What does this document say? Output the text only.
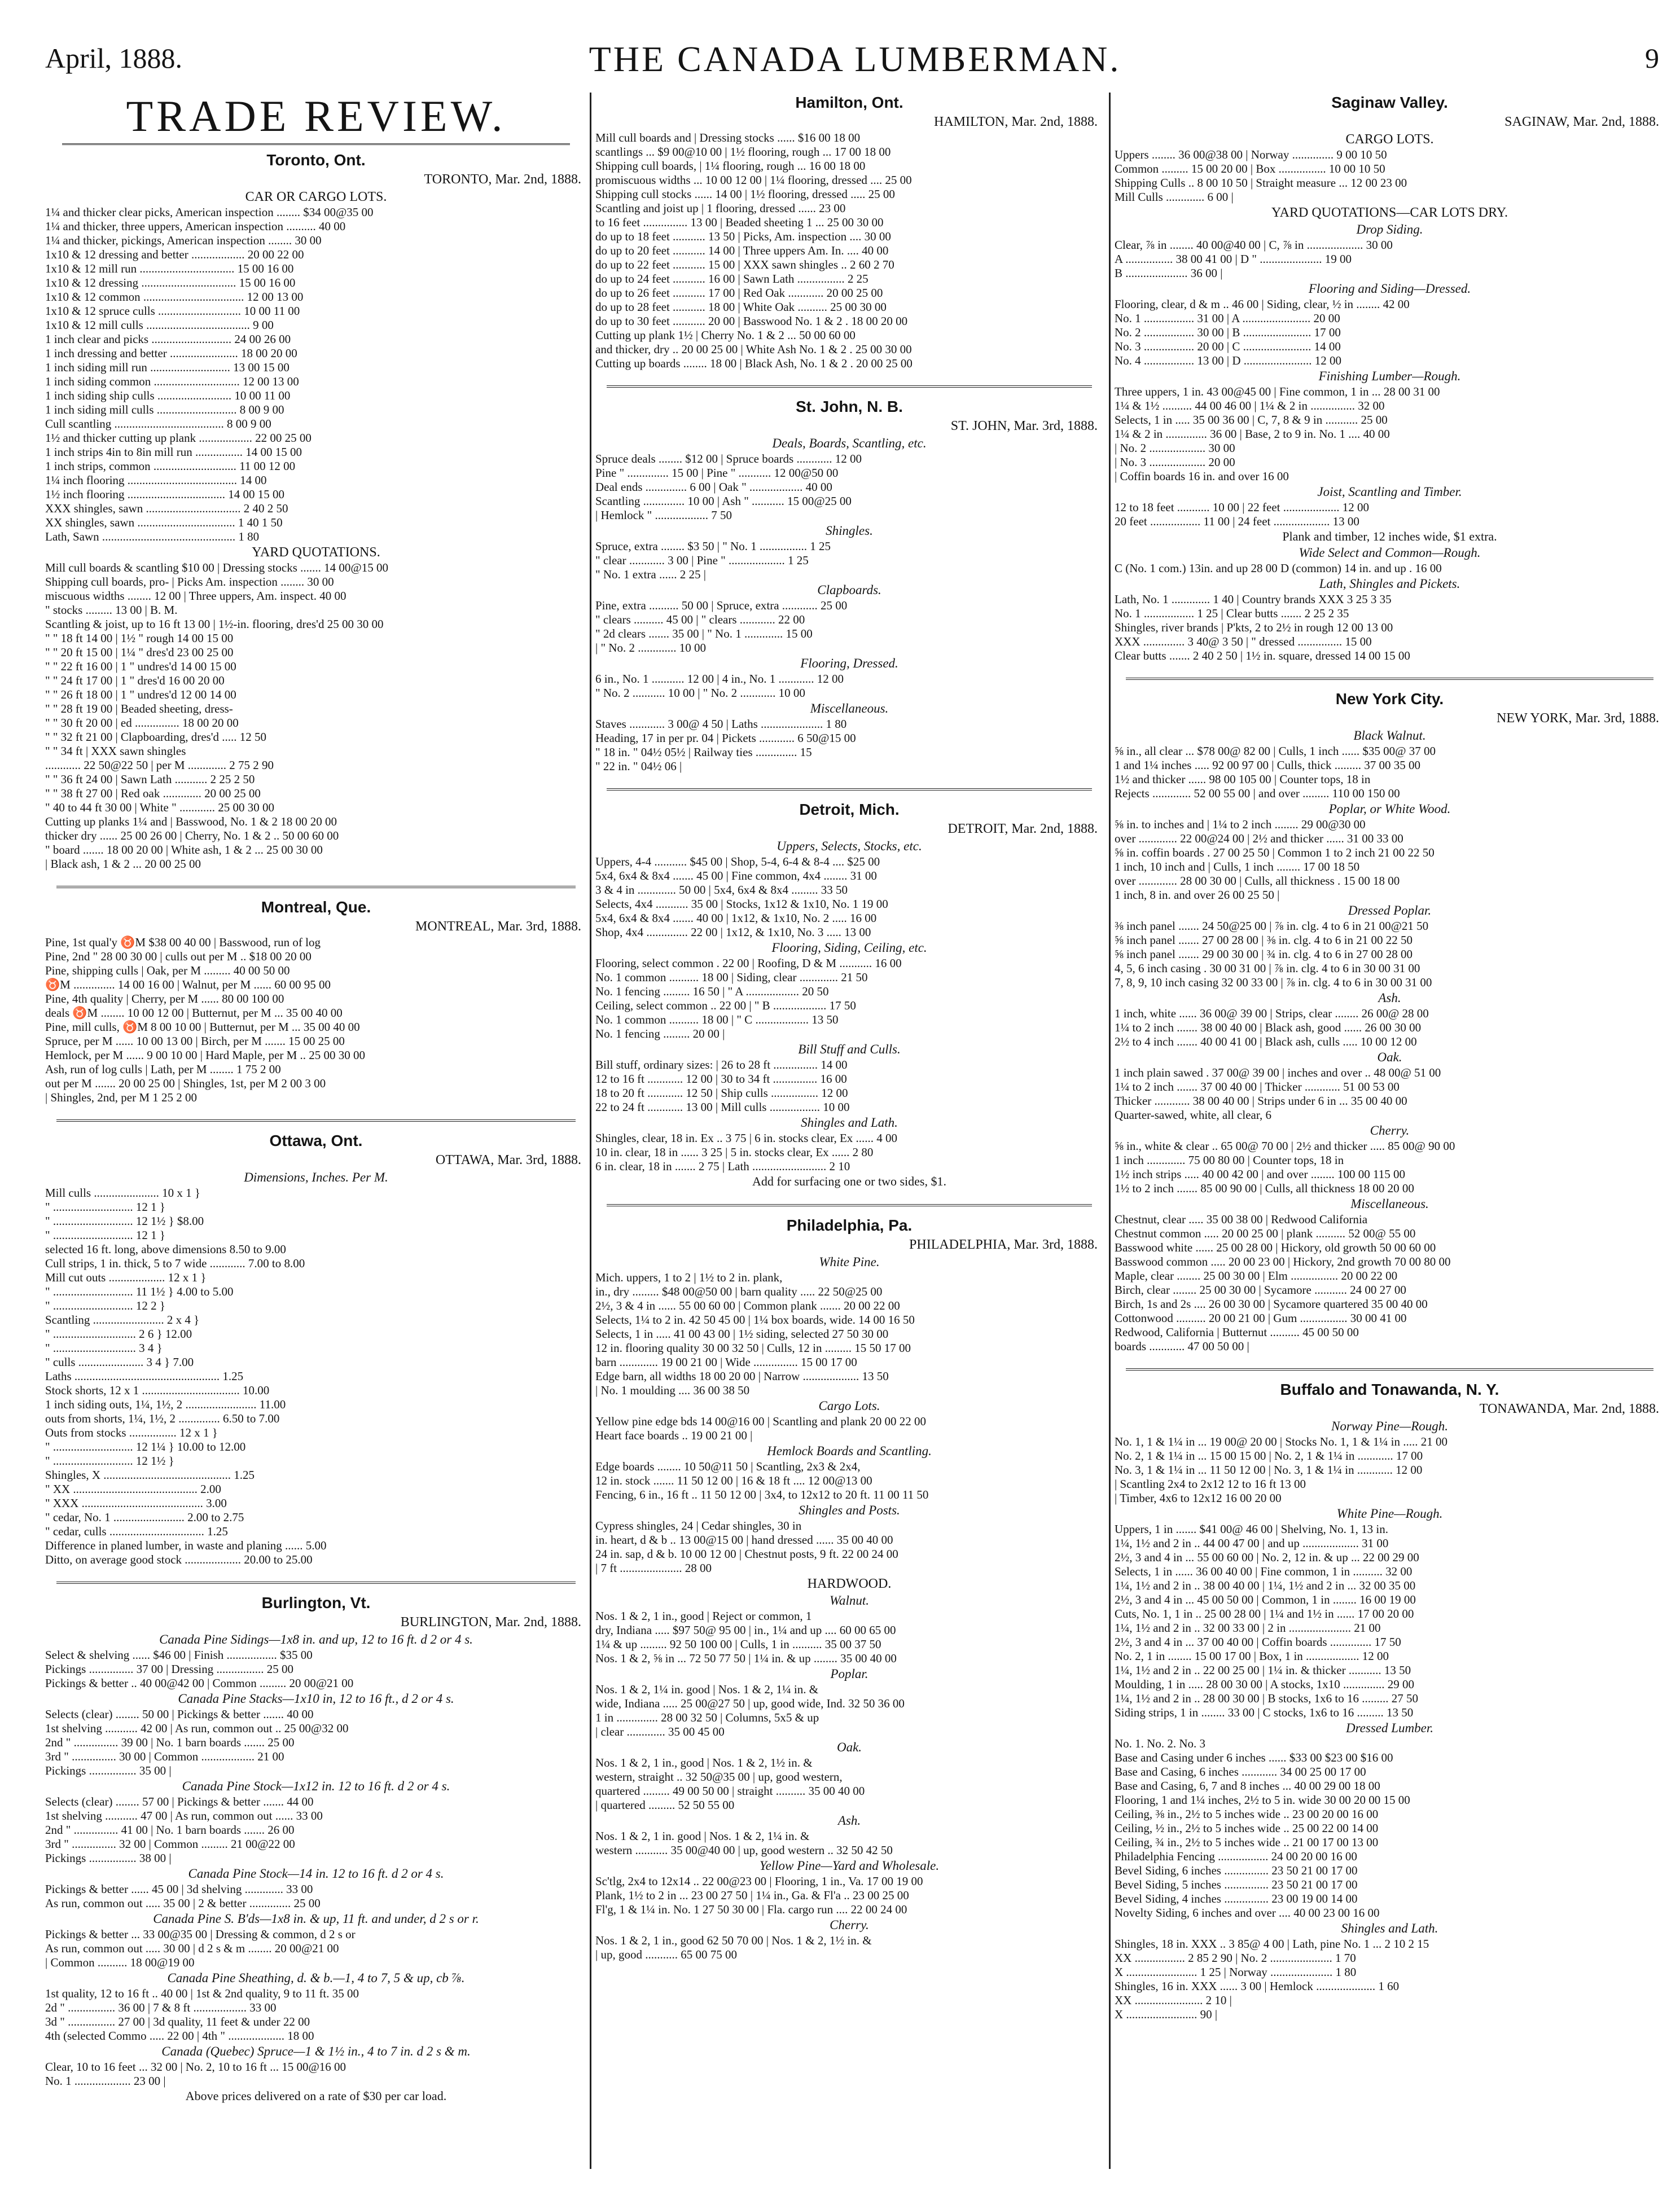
April, 1888.	THE CANADA LUMBERMAN.	9
TRADE REVIEW.
Toronto, Ont.
TORONTO, Mar. 2nd, 1888.
CAR OR CARGO LOTS.
1¼ and thicker clear picks, American inspection ........ $34 00@35 00
1¼ and thicker, three uppers, American inspection .......... 40 00
1¼ and thicker, pickings, American inspection ........ 30 00
1x10 & 12 dressing and better .................. 20 00 22 00
1x10 & 12 mill run ................................ 15 00 16 00
1x10 & 12 dressing ................................ 15 00 16 00
1x10 & 12 common .................................. 12 00 13 00
1x10 & 12 spruce culls ............................ 10 00 11 00
1x10 & 12 mill culls ................................... 9 00
1 inch clear and picks ........................... 24 00 26 00
1 inch dressing and better ....................... 18 00 20 00
1 inch siding mill run ........................... 13 00 15 00
1 inch siding common ............................. 12 00 13 00
1 inch siding ship culls ......................... 10 00 11 00
1 inch siding mill culls ........................... 8 00 9 00
Cull scantling ..................................... 8 00 9 00
1½ and thicker cutting up plank .................. 22 00 25 00
1 inch strips 4in to 8in mill run ................ 14 00 15 00
1 inch strips, common ............................ 11 00 12 00
1¼ inch flooring ..................................... 14 00
1½ inch flooring ................................. 14 00 15 00
XXX shingles, sawn ................................ 2 40 2 50
XX shingles, sawn ................................. 1 40 1 50
Lath, Sawn ............................................. 1 80
YARD QUOTATIONS.
Mill cull boards & scantling $10 00 | Dressing stocks ....... 14 00@15 00
Shipping cull boards, pro- | Picks Am. inspection ........ 30 00
miscuous widths ........ 12 00 | Three uppers, Am. inspect. 40 00
" stocks ......... 13 00 | B. M.
Scantling & joist, up to 16 ft 13 00 | 1½-in. flooring, dres'd 25 00 30 00
" " 18 ft 14 00 | 1½ " rough 14 00 15 00
" " 20 ft 15 00 | 1¼ " dres'd 23 00 25 00
" " 22 ft 16 00 | 1 " undres'd 14 00 15 00
" " 24 ft 17 00 | 1 " dres'd 16 00 20 00
" " 26 ft 18 00 | 1 " undres'd 12 00 14 00
" " 28 ft 19 00 | Beaded sheeting, dress-
" " 30 ft 20 00 | ed ............... 18 00 20 00
" " 32 ft 21 00 | Clapboarding, dres'd ..... 12 50
" " 34 ft | XXX sawn shingles
............ 22 50@22 50 | per M ............. 2 75 2 90
" " 36 ft 24 00 | Sawn Lath ........... 2 25 2 50
" " 38 ft 27 00 | Red oak ............. 20 00 25 00
" 40 to 44 ft 30 00 | White " ............ 25 00 30 00
Cutting up planks 1¼ and | Basswood, No. 1 & 2 18 00 20 00
thicker dry ...... 25 00 26 00 | Cherry, No. 1 & 2 .. 50 00 60 00
" board ....... 18 00 20 00 | White ash, 1 & 2 ... 25 00 30 00
| Black ash, 1 & 2 ... 20 00 25 00
Montreal, Que.
MONTREAL, Mar. 3rd, 1888.
Pine, 1st qual'y ♉M $38 00 40 00 | Basswood, run of log
Pine, 2nd " 28 00 30 00 | culls out per M .. $18 00 20 00
Pine, shipping culls | Oak, per M ......... 40 00 50 00
♉M .............. 14 00 16 00 | Walnut, per M ...... 60 00 95 00
Pine, 4th quality | Cherry, per M ...... 80 00 100 00
deals ♉M ........ 10 00 12 00 | Butternut, per M ... 35 00 40 00
Pine, mill culls, ♉M 8 00 10 00 | Butternut, per M ... 35 00 40 00
Spruce, per M ...... 10 00 13 00 | Birch, per M ....... 15 00 25 00
Hemlock, per M ...... 9 00 10 00 | Hard Maple, per M .. 25 00 30 00
Ash, run of log culls | Lath, per M ........ 1 75 2 00
out per M ....... 20 00 25 00 | Shingles, 1st, per M 2 00 3 00
| Shingles, 2nd, per M 1 25 2 00
Ottawa, Ont.
OTTAWA, Mar. 3rd, 1888.
Dimensions, Inches. Per M.
Mill culls ...................... 10 x 1 }
" ........................... 12 1 }
" ........................... 12 1½ } $8.00
" ........................... 12 1 }
selected 16 ft. long, above dimensions 8.50 to 9.00
Cull strips, 1 in. thick, 5 to 7 wide ............ 7.00 to 8.00
Mill cut outs ................... 12 x 1 }
" ........................... 11 1½ } 4.00 to 5.00
" ........................... 12 2 }
Scantling ........................ 2 x 4 }
" ............................ 2 6 } 12.00
" ............................ 3 4 }
" culls ...................... 3 4 } 7.00
Laths ................................................. 1.25
Stock shorts, 12 x 1 ................................. 10.00
1 inch siding outs, 1¼, 1½, 2 ........................ 11.00
outs from shorts, 1¼, 1½, 2 .............. 6.50 to 7.00
Outs from stocks ................ 12 x 1 }
" ........................... 12 1¼ } 10.00 to 12.00
" ........................... 12 1½ }
Shingles, X ........................................... 1.25
" XX .......................................... 2.00
" XXX ......................................... 3.00
" cedar, No. 1 ........................ 2.00 to 2.75
" cedar, culls ................................ 1.25
Difference in planed lumber, in waste and planing ...... 5.00
Ditto, on average good stock ................... 20.00 to 25.00
Burlington, Vt.
BURLINGTON, Mar. 2nd, 1888.
Canada Pine Sidings—1x8 in. and up, 12 to 16 ft. d 2 or 4 s.
Select & shelving ...... $46 00 | Finish ................. $35 00
Pickings ............... 37 00 | Dressing ................ 25 00
Pickings & better .. 40 00@42 00 | Common ......... 20 00@21 00
Canada Pine Stacks—1x10 in, 12 to 16 ft., d 2 or 4 s.
Selects (clear) ........ 50 00 | Pickings & better ....... 40 00
1st shelving ........... 42 00 | As run, common out .. 25 00@32 00
2nd " ............... 39 00 | No. 1 barn boards ....... 25 00
3rd " ............... 30 00 | Common .................. 21 00
Pickings ................ 35 00 |
Canada Pine Stock—1x12 in. 12 to 16 ft. d 2 or 4 s.
Selects (clear) ........ 57 00 | Pickings & better ....... 44 00
1st shelving ........... 47 00 | As run, common out ...... 33 00
2nd " ............... 41 00 | No. 1 barn boards ....... 26 00
3rd " ............... 32 00 | Common ......... 21 00@22 00
Pickings ................ 38 00 |
Canada Pine Stock—14 in. 12 to 16 ft. d 2 or 4 s.
Pickings & better ...... 45 00 | 3d shelving ............. 33 00
As run, common out ..... 35 00 | 2 & better .............. 25 00
Canada Pine S. B'ds—1x8 in. & up, 11 ft. and under, d 2 s or r.
Pickings & better ... 33 00@35 00 | Dressing & common, d 2 s or
As run, common out ..... 30 00 | d 2 s & m ........ 20 00@21 00
| Common .......... 18 00@19 00
Canada Pine Sheathing, d. & b.—1, 4 to 7, 5 & up, cb ⅞.
1st quality, 12 to 16 ft .. 40 00 | 1st & 2nd quality, 9 to 11 ft. 35 00
2d " ................ 36 00 | 7 & 8 ft .................. 33 00
3d " ................ 27 00 | 3d quality, 11 feet & under 22 00
4th (selected Commo ..... 22 00 | 4th " ................... 18 00
Canada (Quebec) Spruce—1 & 1½ in., 4 to 7 in. d 2 s & m.
Clear, 10 to 16 feet ... 32 00 | No. 2, 10 to 16 ft ... 15 00@16 00
No. 1 ................... 23 00 |
Above prices delivered on a rate of $30 per car load.
Hamilton, Ont.
HAMILTON, Mar. 2nd, 1888.
Mill cull boards and | Dressing stocks ...... $16 00 18 00
scantlings ... $9 00@10 00 | 1½ flooring, rough ... 17 00 18 00
Shipping cull boards, | 1¼ flooring, rough ... 16 00 18 00
promiscuous widths ... 10 00 12 00 | 1¼ flooring, dressed .... 25 00
Shipping cull stocks ...... 14 00 | 1½ flooring, dressed ..... 25 00
Scantling and joist up | 1 flooring, dressed ...... 23 00
to 16 feet ............... 13 00 | Beaded sheeting 1 ... 25 00 30 00
do up to 18 feet ........... 13 50 | Picks, Am. inspection .... 30 00
do up to 20 feet ........... 14 00 | Three uppers Am. In. .... 40 00
do up to 22 feet ........... 15 00 | XXX sawn shingles .. 2 60 2 70
do up to 24 feet ........... 16 00 | Sawn Lath ................ 2 25
do up to 26 feet ........... 17 00 | Red Oak ............ 20 00 25 00
do up to 28 feet ........... 18 00 | White Oak .......... 25 00 30 00
do up to 30 feet ........... 20 00 | Basswood No. 1 & 2 . 18 00 20 00
Cutting up plank 1½ | Cherry No. 1 & 2 ... 50 00 60 00
and thicker, dry .. 20 00 25 00 | White Ash No. 1 & 2 . 25 00 30 00
Cutting up boards ........ 18 00 | Black Ash, No. 1 & 2 . 20 00 25 00
St. John, N. B.
ST. JOHN, Mar. 3rd, 1888.
Deals, Boards, Scantling, etc.
Spruce deals ........ $12 00 | Spruce boards ............ 12 00
Pine " .............. 15 00 | Pine " ........... 12 00@50 00
Deal ends .............. 6 00 | Oak " .................. 40 00
Scantling .............. 10 00 | Ash " ........... 15 00@25 00
| Hemlock " .................. 7 50
Shingles.
Spruce, extra ........ $3 50 | " No. 1 ................ 1 25
" clear ............ 3 00 | Pine " ................... 1 25
" No. 1 extra ...... 2 25 |
Clapboards.
Pine, extra .......... 50 00 | Spruce, extra ............ 25 00
" clears .......... 45 00 | " clears ............ 22 00
" 2d clears ....... 35 00 | " No. 1 ............. 15 00
| " No. 2 ............. 10 00
Flooring, Dressed.
6 in., No. 1 ........... 12 00 | 4 in., No. 1 ............ 12 00
" No. 2 ........... 10 00 | " No. 2 ............ 10 00
Miscellaneous.
Staves ............ 3 00@ 4 50 | Laths ..................... 1 80
Heading, 17 in per pr. 04 | Pickets ............ 6 50@15 00
" 18 in. " 04½ 05½ | Railway ties .............. 15
" 22 in. " 04½ 06 |
Detroit, Mich.
DETROIT, Mar. 2nd, 1888.
Uppers, Selects, Stocks, etc.
Uppers, 4-4 ........... $45 00 | Shop, 5-4, 6-4 & 8-4 .... $25 00
5x4, 6x4 & 8x4 ....... 45 00 | Fine common, 4x4 ........ 31 00
3 & 4 in ............. 50 00 | 5x4, 6x4 & 8x4 ......... 33 50
Selects, 4x4 ........... 35 00 | Stocks, 1x12 & 1x10, No. 1 19 00
5x4, 6x4 & 8x4 ....... 40 00 | 1x12, & 1x10, No. 2 ..... 16 00
Shop, 4x4 .............. 22 00 | 1x12, & 1x10, No. 3 ..... 13 00
Flooring, Siding, Ceiling, etc.
Flooring, select common . 22 00 | Roofing, D & M ........... 16 00
No. 1 common .......... 18 00 | Siding, clear ............. 21 50
No. 1 fencing ......... 16 50 | " A .................. 20 50
Ceiling, select common .. 22 00 | " B .................. 17 50
No. 1 common .......... 18 00 | " C .................. 13 50
No. 1 fencing ......... 20 00 |
Bill Stuff and Culls.
Bill stuff, ordinary sizes: | 26 to 28 ft ............... 14 00
12 to 16 ft ............ 12 00 | 30 to 34 ft ............... 16 00
18 to 20 ft ............ 12 50 | Ship culls ................ 12 00
22 to 24 ft ............ 13 00 | Mill culls ................. 10 00
Shingles and Lath.
Shingles, clear, 18 in. Ex .. 3 75 | 6 in. stocks clear, Ex ...... 4 00
10 in. clear, 18 in ...... 3 25 | 5 in. stocks clear, Ex ...... 2 80
6 in. clear, 18 in ....... 2 75 | Lath ......................... 2 10
Add for surfacing one or two sides, $1.
Philadelphia, Pa.
PHILADELPHIA, Mar. 3rd, 1888.
White Pine.
Mich. uppers, 1 to 2 | 1½ to 2 in. plank,
in., dry ......... $48 00@50 00 | barn quality ..... 22 50@25 00
2½, 3 & 4 in ...... 55 00 60 00 | Common plank ....... 20 00 22 00
Selects, 1¼ to 2 in. 42 50 45 00 | 1¼ box boards, wide. 14 00 16 50
Selects, 1 in ..... 41 00 43 00 | 1½ siding, selected 27 50 30 00
12 in. flooring quality 30 00 32 50 | Culls, 12 in ......... 15 50 17 00
barn ............. 19 00 21 00 | Wide ............... 15 00 17 00
Edge barn, all widths 18 00 20 00 | Narrow ................... 13 50
| No. 1 moulding .... 36 00 38 50
Cargo Lots.
Yellow pine edge bds 14 00@16 00 | Scantling and plank 20 00 22 00
Heart face boards .. 19 00 21 00 |
Hemlock Boards and Scantling.
Edge boards ........ 10 50@11 50 | Scantling, 2x3 & 2x4,
12 in. stock ....... 11 50 12 00 | 16 & 18 ft .... 12 00@13 00
Fencing, 6 in., 16 ft .. 11 50 12 00 | 3x4, to 12x12 to 20 ft. 11 00 11 50
Shingles and Posts.
Cypress shingles, 24 | Cedar shingles, 30 in
in. heart, d & b .. 13 00@15 00 | hand dressed ...... 35 00 40 00
24 in. sap, d & b. 10 00 12 00 | Chestnut posts, 9 ft. 22 00 24 00
| 7 ft ..................... 28 00
HARDWOOD.
Walnut.
Nos. 1 & 2, 1 in., good | Reject or common, 1
dry, Indiana ..... $97 50@ 95 00 | in., 1¼ and up .... 60 00 65 00
1¼ & up ......... 92 50 100 00 | Culls, 1 in .......... 35 00 37 50
Nos. 1 & 2, ⅝ in ... 72 50 77 50 | 1¼ in. & up ........ 35 00 40 00
Poplar.
Nos. 1 & 2, 1¼ in. good | Nos. 1 & 2, 1¼ in. &
wide, Indiana ..... 25 00@27 50 | up, good wide, Ind. 32 50 36 00
1 in .............. 28 00 32 50 | Columns, 5x5 & up
| clear ............. 35 00 45 00
Oak.
Nos. 1 & 2, 1 in., good | Nos. 1 & 2, 1½ in. &
western, straight .. 32 50@35 00 | up, good western,
quartered ......... 49 00 50 00 | straight .......... 35 00 40 00
| quartered ......... 52 50 55 00
Ash.
Nos. 1 & 2, 1 in. good | Nos. 1 & 2, 1¼ in. &
western ........... 35 00@40 00 | up, good western .. 32 50 42 50
Yellow Pine—Yard and Wholesale.
Sc'tlg, 2x4 to 12x14 .. 22 00@23 00 | Flooring, 1 in., Va. 17 00 19 00
Plank, 1½ to 2 in ... 23 00 27 50 | 1¼ in., Ga. & Fl'a .. 23 00 25 00
Fl'g, 1 & 1¼ in. No. 1 27 50 30 00 | Fla. cargo run .... 22 00 24 00
Cherry.
Nos. 1 & 2, 1 in., good 62 50 70 00 | Nos. 1 & 2, 1½ in. &
| up, good ........... 65 00 75 00
Saginaw Valley.
SAGINAW, Mar. 2nd, 1888.
CARGO LOTS.
Uppers ........ 36 00@38 00 | Norway .............. 9 00 10 50
Common ......... 15 00 20 00 | Box ................ 10 00 10 50
Shipping Culls .. 8 00 10 50 | Straight measure ... 12 00 23 00
Mill Culls ............. 6 00 |
YARD QUOTATIONS—CAR LOTS DRY.
Drop Siding.
Clear, ⅞ in ........ 40 00@40 00 | C, ⅞ in ................... 30 00
A ................ 38 00 41 00 | D " ..................... 19 00
B ..................... 36 00 |
Flooring and Siding—Dressed.
Flooring, clear, d & m .. 46 00 | Siding, clear, ½ in ........ 42 00
No. 1 ................. 31 00 | A ....................... 20 00
No. 2 ................. 30 00 | B ....................... 17 00
No. 3 ................. 20 00 | C ....................... 14 00
No. 4 ................. 13 00 | D ....................... 12 00
Finishing Lumber—Rough.
Three uppers, 1 in. 43 00@45 00 | Fine common, 1 in ... 28 00 31 00
1¼ & 1½ .......... 44 00 46 00 | 1¼ & 2 in ............... 32 00
Selects, 1 in ..... 35 00 36 00 | C, 7, 8 & 9 in ........... 25 00
1¼ & 2 in .............. 36 00 | Base, 2 to 9 in. No. 1 .... 40 00
| No. 2 ................... 30 00
| No. 3 ................... 20 00
| Coffin boards 16 in. and over 16 00
Joist, Scantling and Timber.
12 to 18 feet ........... 10 00 | 22 feet ................... 12 00
20 feet ................. 11 00 | 24 feet ................... 13 00
Plank and timber, 12 inches wide, $1 extra.
Wide Select and Common—Rough.
C (No. 1 com.) 13in. and up 28 00 D (common) 14 in. and up . 16 00
Lath, Shingles and Pickets.
Lath, No. 1 ............. 1 40 | Country brands XXX 3 25 3 35
No. 1 ................. 1 25 | Clear butts ....... 2 25 2 35
Shingles, river brands | P'kts, 2 to 2½ in rough 12 00 13 00
XXX .............. 3 40@ 3 50 | " dressed ............... 15 00
Clear butts ....... 2 40 2 50 | 1½ in. square, dressed 14 00 15 00
New York City.
NEW YORK, Mar. 3rd, 1888.
Black Walnut.
⅝ in., all clear ... $78 00@ 82 00 | Culls, 1 inch ...... $35 00@ 37 00
1 and 1¼ inches ..... 92 00 97 00 | Culls, thick ......... 37 00 35 00
1½ and thicker ...... 98 00 105 00 | Counter tops, 18 in
Rejects ............. 52 00 55 00 | and over ......... 110 00 150 00
Poplar, or White Wood.
⅝ in. to inches and | 1¼ to 2 inch ........ 29 00@30 00
over ............. 22 00@24 00 | 2½ and thicker ...... 31 00 33 00
⅝ in. coffin boards . 27 00 25 50 | Common 1 to 2 inch 21 00 22 50
1 inch, 10 inch and | Culls, 1 inch ........ 17 00 18 50
over ............. 28 00 30 00 | Culls, all thickness . 15 00 18 00
1 inch, 8 in. and over 26 00 25 50 |
Dressed Poplar.
⅜ inch panel ....... 24 50@25 00 | ⅞ in. clg. 4 to 6 in 21 00@21 50
⅝ inch panel ....... 27 00 28 00 | ⅜ in. clg. 4 to 6 in 21 00 22 50
⅝ inch panel ....... 29 00 30 00 | ¾ in. clg. 4 to 6 in 27 00 28 00
4, 5, 6 inch casing . 30 00 31 00 | ⅞ in. clg. 4 to 6 in 30 00 31 00
7, 8, 9, 10 inch casing 32 00 33 00 | ⅞ in. clg. 4 to 6 in 30 00 31 00
Ash.
1 inch, white ...... 36 00@ 39 00 | Strips, clear ........ 26 00@ 28 00
1¼ to 2 inch ....... 38 00 40 00 | Black ash, good ...... 26 00 30 00
2½ to 4 inch ....... 40 00 41 00 | Black ash, culls ..... 10 00 12 00
Oak.
1 inch plain sawed . 37 00@ 39 00 | inches and over .. 48 00@ 51 00
1¼ to 2 inch ....... 37 00 40 00 | Thicker ............ 51 00 53 00
Thicker ............ 38 00 40 00 | Strips under 6 in ... 35 00 40 00
Quarter-sawed, white, all clear, 6
Cherry.
⅝ in., white & clear .. 65 00@ 70 00 | 2½ and thicker ..... 85 00@ 90 00
1 inch ............. 75 00 80 00 | Counter tops, 18 in
1½ inch strips ..... 40 00 42 00 | and over ........ 100 00 115 00
1½ to 2 inch ....... 85 00 90 00 | Culls, all thickness 18 00 20 00
Miscellaneous.
Chestnut, clear ..... 35 00 38 00 | Redwood California
Chestnut common ..... 20 00 25 00 | plank .......... 52 00@ 55 00
Basswood white ...... 25 00 28 00 | Hickory, old growth 50 00 60 00
Basswood common ..... 20 00 23 00 | Hickory, 2nd growth 70 00 80 00
Maple, clear ........ 25 00 30 00 | Elm ................ 20 00 22 00
Birch, clear ........ 25 00 30 00 | Sycamore ........... 24 00 27 00
Birch, 1s and 2s .... 26 00 30 00 | Sycamore quartered 35 00 40 00
Cottonwood .......... 20 00 21 00 | Gum ................ 30 00 41 00
Redwood, California | Butternut .......... 45 00 50 00
boards ............ 47 00 50 00 |
Buffalo and Tonawanda, N. Y.
TONAWANDA, Mar. 2nd, 1888.
Norway Pine—Rough.
No. 1, 1 & 1¼ in ... 19 00@ 20 00 | Stocks No. 1, 1 & 1¼ in ..... 21 00
No. 2, 1 & 1¼ in ... 15 00 15 00 | No. 2, 1 & 1¼ in ............ 17 00
No. 3, 1 & 1¼ in ... 11 50 12 00 | No. 3, 1 & 1¼ in ............ 12 00
| Scantling 2x4 to 2x12 12 to 16 ft 13 00
| Timber, 4x6 to 12x12 16 00 20 00
White Pine—Rough.
Uppers, 1 in ....... $41 00@ 46 00 | Shelving, No. 1, 13 in.
1¼, 1½ and 2 in .. 44 00 47 00 | and up ................... 31 00
2½, 3 and 4 in ... 55 00 60 00 | No. 2, 12 in. & up ... 22 00 29 00
Selects, 1 in ...... 36 00 40 00 | Fine common, 1 in .......... 32 00
1¼, 1½ and 2 in .. 38 00 40 00 | 1¼, 1½ and 2 in ... 32 00 35 00
2½, 3 and 4 in ... 45 00 50 00 | Common, 1 in ........ 16 00 19 00
Cuts, No. 1, 1 in .. 25 00 28 00 | 1¼ and 1½ in ...... 17 00 20 00
1¼, 1½ and 2 in .. 32 00 33 00 | 2 in ..................... 21 00
2½, 3 and 4 in ... 37 00 40 00 | Coffin boards .............. 17 50
No. 2, 1 in ........ 15 00 17 00 | Box, 1 in .................. 12 00
1¼, 1½ and 2 in .. 22 00 25 00 | 1¼ in. & thicker ........... 13 50
Moulding, 1 in ..... 28 00 30 00 | A stocks, 1x10 .............. 29 00
1¼, 1½ and 2 in .. 28 00 30 00 | B stocks, 1x6 to 16 ......... 27 50
Siding strips, 1 in ........ 33 00 | C stocks, 1x6 to 16 ......... 13 50
Dressed Lumber.
No. 1. No. 2. No. 3
Base and Casing under 6 inches ...... $33 00 $23 00 $16 00
Base and Casing, 6 inches ............ 34 00 25 00 17 00
Base and Casing, 6, 7 and 8 inches ... 40 00 29 00 18 00
Flooring, 1 and 1¼ inches, 2½ to 5 in. wide 30 00 20 00 15 00
Ceiling, ⅜ in., 2½ to 5 inches wide .. 23 00 20 00 16 00
Ceiling, ½ in., 2½ to 5 inches wide .. 25 00 22 00 14 00
Ceiling, ¾ in., 2½ to 5 inches wide .. 21 00 17 00 13 00
Philadelphia Fencing ................. 24 00 20 00 16 00
Bevel Siding, 6 inches ............... 23 50 21 00 17 00
Bevel Siding, 5 inches ............... 23 50 21 00 17 00
Bevel Siding, 4 inches ............... 23 00 19 00 14 00
Novelty Siding, 6 inches and over .... 40 00 23 00 16 00
Shingles and Lath.
Shingles, 18 in. XXX .. 3 85@ 4 00 | Lath, pine No. 1 ... 2 10 2 15
XX ................. 2 85 2 90 | No. 2 ..................... 1 70
X ........................ 1 25 | Norway ..................... 1 80
Shingles, 16 in. XXX ...... 3 00 | Hemlock .................... 1 60
XX ....................... 2 10 |
X ........................ 90 |
